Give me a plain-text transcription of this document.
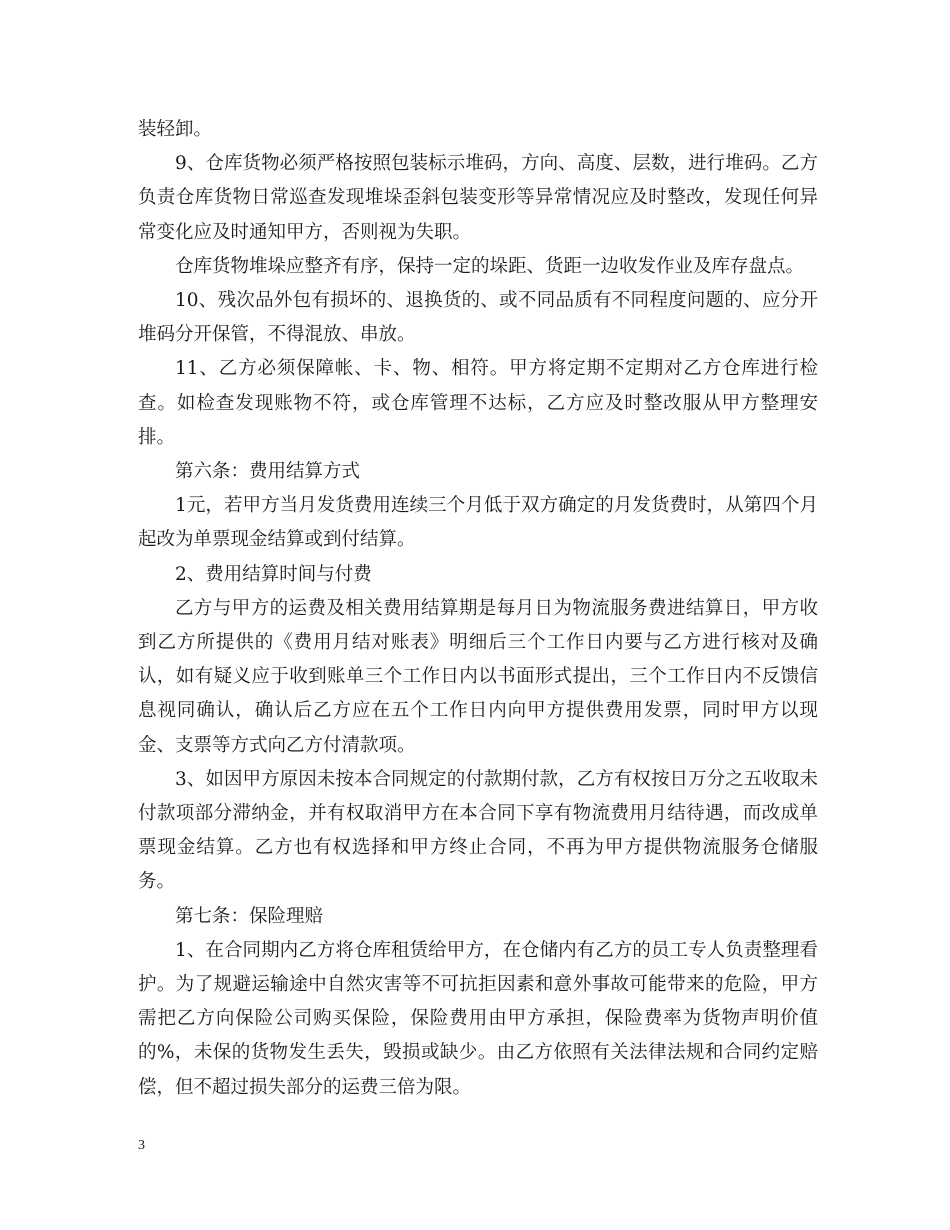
装轻卸。

9、仓库货物必须严格按照包装标示堆码，方向、高度、层数，进行堆码。乙方负责仓库货物日常巡查发现堆垛歪斜包装变形等异常情况应及时整改，发现任何异常变化应及时通知甲方，否则视为失职。

仓库货物堆垛应整齐有序，保持一定的垛距、货距一边收发作业及库存盘点。

10、残次品外包有损坏的、退换货的、或不同品质有不同程度问题的、应分开堆码分开保管，不得混放、串放。

11、乙方必须保障帐、卡、物、相符。甲方将定期不定期对乙方仓库进行检查。如检查发现账物不符，或仓库管理不达标，乙方应及时整改服从甲方整理安排。

第六条：费用结算方式

1元，若甲方当月发货费用连续三个月低于双方确定的月发货费时，从第四个月起改为单票现金结算或到付结算。

2、费用结算时间与付费

乙方与甲方的运费及相关费用结算期是每月日为物流服务费进结算日，甲方收到乙方所提供的《费用月结对账表》明细后三个工作日内要与乙方进行核对及确认，如有疑义应于收到账单三个工作日内以书面形式提出，三个工作日内不反馈信息视同确认，确认后乙方应在五个工作日内向甲方提供费用发票，同时甲方以现金、支票等方式向乙方付清款项。

3、如因甲方原因未按本合同规定的付款期付款，乙方有权按日万分之五收取未付款项部分滞纳金，并有权取消甲方在本合同下享有物流费用月结待遇，而改成单票现金结算。乙方也有权选择和甲方终止合同，不再为甲方提供物流服务仓储服务。

第七条：保险理赔

1、在合同期内乙方将仓库租赁给甲方，在仓储内有乙方的员工专人负责整理看护。为了规避运输途中自然灾害等不可抗拒因素和意外事故可能带来的危险，甲方需把乙方向保险公司购买保险，保险费用由甲方承担，保险费率为货物声明价值的%，未保的货物发生丢失，毁损或缺少。由乙方依照有关法律法规和合同约定赔偿，但不超过损失部分的运费三倍为限。

3
